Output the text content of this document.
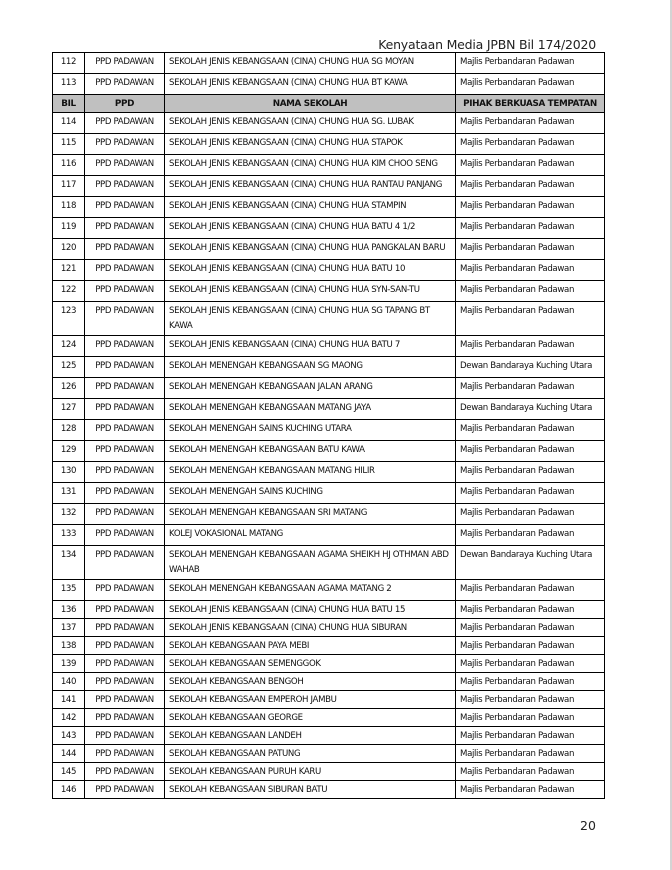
Kenyataan Media JPBN Bil 174/2020
112	PPD PADAWAN	SEKOLAH JENIS KEBANGSAAN (CINA) CHUNG HUA SG MOYAN	Majlis Perbandaran Padawan
113	PPD PADAWAN	SEKOLAH JENIS KEBANGSAAN (CINA) CHUNG HUA BT KAWA	Majlis Perbandaran Padawan
BIL	PPD	NAMA SEKOLAH	PIHAK BERKUASA TEMPATAN
114	PPD PADAWAN	SEKOLAH JENIS KEBANGSAAN (CINA) CHUNG HUA SG. LUBAK	Majlis Perbandaran Padawan
115	PPD PADAWAN	SEKOLAH JENIS KEBANGSAAN (CINA) CHUNG HUA STAPOK	Majlis Perbandaran Padawan
116	PPD PADAWAN	SEKOLAH JENIS KEBANGSAAN (CINA) CHUNG HUA KIM CHOO SENG	Majlis Perbandaran Padawan
117	PPD PADAWAN	SEKOLAH JENIS KEBANGSAAN (CINA) CHUNG HUA RANTAU PANJANG	Majlis Perbandaran Padawan
118	PPD PADAWAN	SEKOLAH JENIS KEBANGSAAN (CINA) CHUNG HUA STAMPIN	Majlis Perbandaran Padawan
119	PPD PADAWAN	SEKOLAH JENIS KEBANGSAAN (CINA) CHUNG HUA BATU 4 1/2	Majlis Perbandaran Padawan
120	PPD PADAWAN	SEKOLAH JENIS KEBANGSAAN (CINA) CHUNG HUA PANGKALAN BARU	Majlis Perbandaran Padawan
121	PPD PADAWAN	SEKOLAH JENIS KEBANGSAAN (CINA) CHUNG HUA BATU 10	Majlis Perbandaran Padawan
122	PPD PADAWAN	SEKOLAH JENIS KEBANGSAAN (CINA) CHUNG HUA SYN-SAN-TU	Majlis Perbandaran Padawan
123	PPD PADAWAN	SEKOLAH JENIS KEBANGSAAN (CINA) CHUNG HUA SG TAPANG BT KAWA	Majlis Perbandaran Padawan
124	PPD PADAWAN	SEKOLAH JENIS KEBANGSAAN (CINA) CHUNG HUA BATU 7	Majlis Perbandaran Padawan
125	PPD PADAWAN	SEKOLAH MENENGAH KEBANGSAAN SG MAONG	Dewan Bandaraya Kuching Utara
126	PPD PADAWAN	SEKOLAH MENENGAH KEBANGSAAN JALAN ARANG	Majlis Perbandaran Padawan
127	PPD PADAWAN	SEKOLAH MENENGAH KEBANGSAAN MATANG JAYA	Dewan Bandaraya Kuching Utara
128	PPD PADAWAN	SEKOLAH MENENGAH SAINS KUCHING UTARA	Majlis Perbandaran Padawan
129	PPD PADAWAN	SEKOLAH MENENGAH KEBANGSAAN BATU KAWA	Majlis Perbandaran Padawan
130	PPD PADAWAN	SEKOLAH MENENGAH KEBANGSAAN MATANG HILIR	Majlis Perbandaran Padawan
131	PPD PADAWAN	SEKOLAH MENENGAH SAINS KUCHING	Majlis Perbandaran Padawan
132	PPD PADAWAN	SEKOLAH MENENGAH KEBANGSAAN SRI MATANG	Majlis Perbandaran Padawan
133	PPD PADAWAN	KOLEJ VOKASIONAL MATANG	Majlis Perbandaran Padawan
134	PPD PADAWAN	SEKOLAH MENENGAH KEBANGSAAN AGAMA SHEIKH HJ OTHMAN ABD WAHAB	Dewan Bandaraya Kuching Utara
135	PPD PADAWAN	SEKOLAH MENENGAH KEBANGSAAN AGAMA MATANG 2	Majlis Perbandaran Padawan
136	PPD PADAWAN	SEKOLAH JENIS KEBANGSAAN (CINA) CHUNG HUA BATU 15	Majlis Perbandaran Padawan
137	PPD PADAWAN	SEKOLAH JENIS KEBANGSAAN (CINA) CHUNG HUA SIBURAN	Majlis Perbandaran Padawan
138	PPD PADAWAN	SEKOLAH KEBANGSAAN PAYA MEBI	Majlis Perbandaran Padawan
139	PPD PADAWAN	SEKOLAH KEBANGSAAN SEMENGGOK	Majlis Perbandaran Padawan
140	PPD PADAWAN	SEKOLAH KEBANGSAAN BENGOH	Majlis Perbandaran Padawan
141	PPD PADAWAN	SEKOLAH KEBANGSAAN EMPEROH JAMBU	Majlis Perbandaran Padawan
142	PPD PADAWAN	SEKOLAH KEBANGSAAN GEORGE	Majlis Perbandaran Padawan
143	PPD PADAWAN	SEKOLAH KEBANGSAAN LANDEH	Majlis Perbandaran Padawan
144	PPD PADAWAN	SEKOLAH KEBANGSAAN PATUNG	Majlis Perbandaran Padawan
145	PPD PADAWAN	SEKOLAH KEBANGSAAN PURUH KARU	Majlis Perbandaran Padawan
146	PPD PADAWAN	SEKOLAH KEBANGSAAN SIBURAN BATU	Majlis Perbandaran Padawan
20
